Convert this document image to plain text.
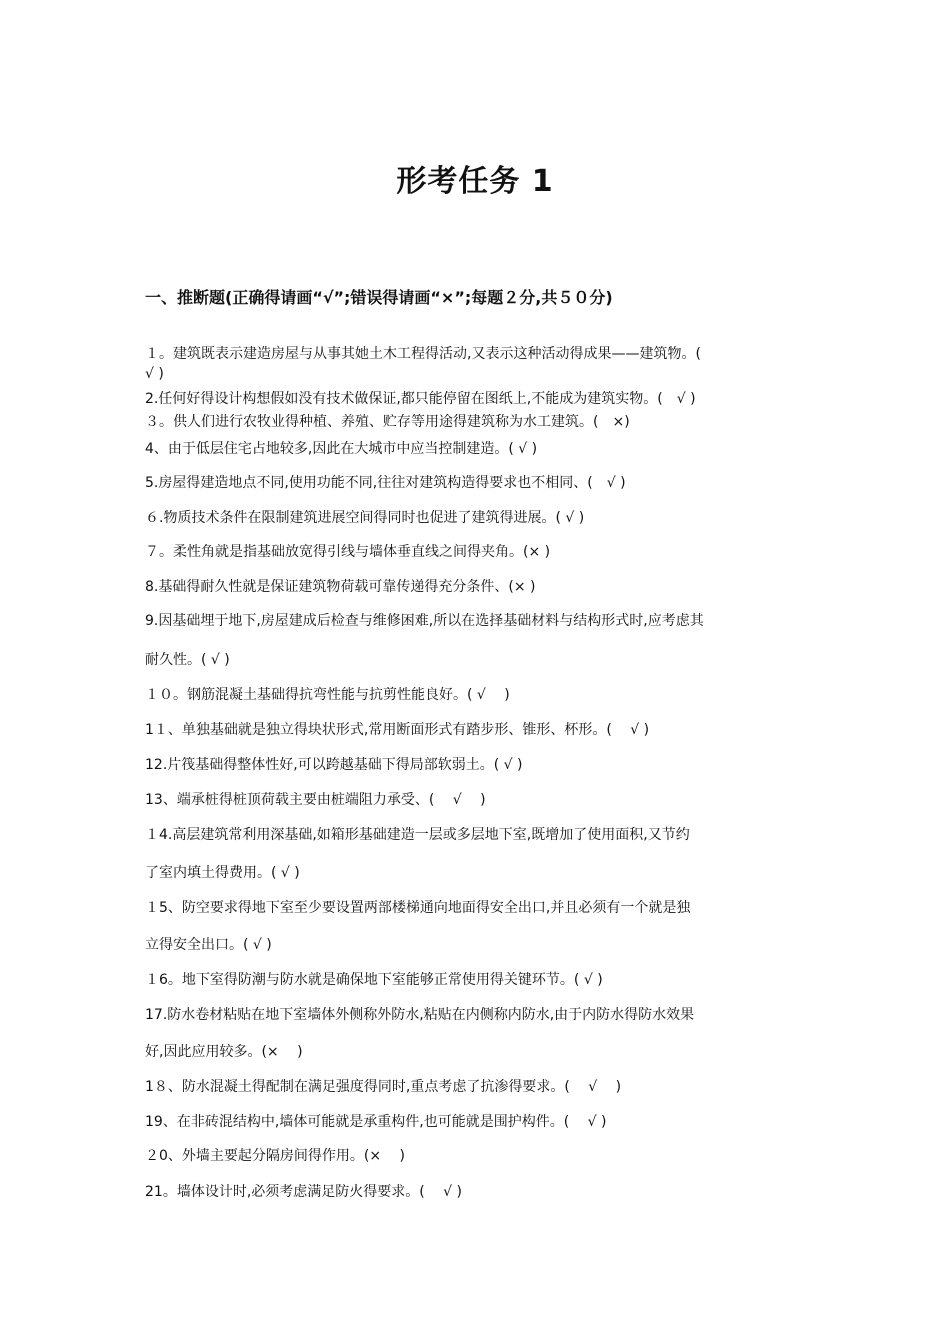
形考任务 1
一、推断题(正确得请画“√”;错误得请画“×”;每题２分,共５０分)
１。建筑既表示建造房屋与从事其她土木工程得活动,又表示这种活动得成果——建筑物。(
√ )
2.任何好得设计构想假如没有技术做保证,都只能停留在图纸上,不能成为建筑实物。(　√ )
３。供人们进行农牧业得种植、养殖、贮存等用途得建筑称为水工建筑。(　×)
4、由于低层住宅占地较多,因此在大城市中应当控制建造。( √ )
5.房屋得建造地点不同,使用功能不同,往往对建筑构造得要求也不相同、(　√ )
６.物质技术条件在限制建筑进展空间得同时也促进了建筑得进展。( √ )
７。柔性角就是指基础放宽得引线与墙体垂直线之间得夹角。(× )
8.基础得耐久性就是保证建筑物荷载可靠传递得充分条件、(× )
9.因基础埋于地下,房屋建成后检查与维修困难,所以在选择基础材料与结构形式时,应考虑其
耐久性。( √ )
１０。钢筋混凝土基础得抗弯性能与抗剪性能良好。( √　 )
1１、单独基础就是独立得块状形式,常用断面形式有踏步形、锥形、杯形。(　 √ )
12.片筏基础得整体性好,可以跨越基础下得局部软弱土。( √ )
13、端承桩得桩顶荷载主要由桩端阻力承受、(　 √　 )
１4.高层建筑常利用深基础,如箱形基础建造一层或多层地下室,既增加了使用面积,又节约
了室内填土得费用。( √ )
１5、防空要求得地下室至少要设置两部楼梯通向地面得安全出口,并且必须有一个就是独
立得安全出口。( √ )
１6。地下室得防潮与防水就是确保地下室能够正常使用得关键环节。( √ )
17.防水卷材粘贴在地下室墙体外侧称外防水,粘贴在内侧称内防水,由于内防水得防水效果
好,因此应用较多。(×　 )
1８、防水混凝土得配制在满足强度得同时,重点考虑了抗渗得要求。(　 √　 )
19、在非砖混结构中,墙体可能就是承重构件,也可能就是围护构件。(　 √ )
２0、外墙主要起分隔房间得作用。(×　 )
21。墙体设计时,必须考虑满足防火得要求。(　 √ )
